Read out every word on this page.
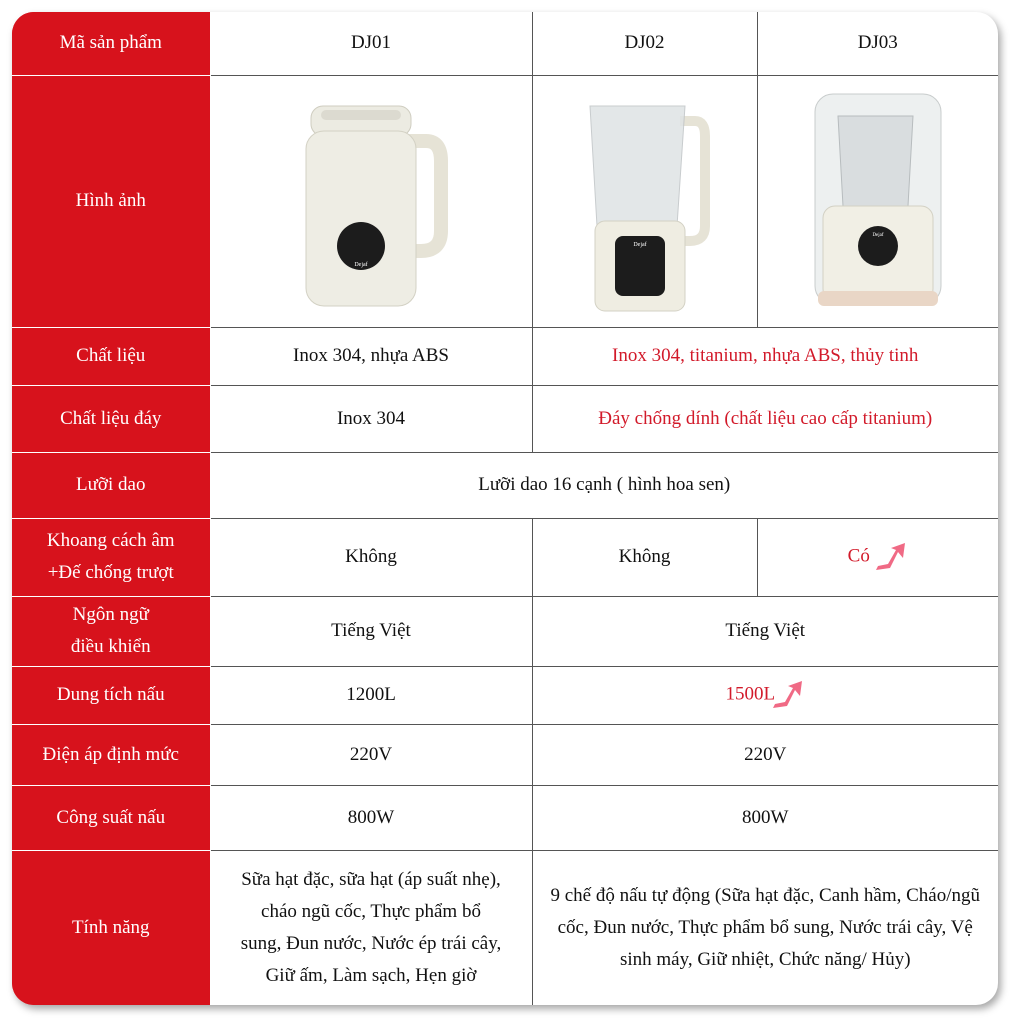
Mã sản phẩm	DJ01	DJ02	DJ03
Hình ảnh	Dejaf	Dejaf	Dejaf

Chất liệu	Inox 304, nhựa ABS	Inox 304, titanium, nhựa ABS, thủy tinh	
Chất liệu đáy	Inox 304	Đáy chống dính (chất liệu cao cấp titanium)	
Lưỡi dao	Lưỡi dao 16 cạnh ( hình hoa sen)		

Khoang cách âm
+Đế chống trượt	Không	Không	Có

Ngôn ngữ
điều khiển	Tiếng Việt	Tiếng Việt	
Dung tích nấu	1200L	1500L	
Điện áp định mức	220V	220V	
Công suất nấu	800W	800W	
Tính năng	Sữa hạt đặc, sữa hạt (áp suất nhẹ), cháo ngũ cốc, Thực phẩm bổ sung, Đun nước, Nước ép trái cây, Giữ ấm, Làm sạch, Hẹn giờ	9 chế độ nấu tự động (Sữa hạt đặc, Canh hầm, Cháo/ngũ cốc, Đun nước, Thực phẩm bổ sung, Nước trái cây, Vệ sinh máy, Giữ nhiệt, Chức năng/ Hủy)	
